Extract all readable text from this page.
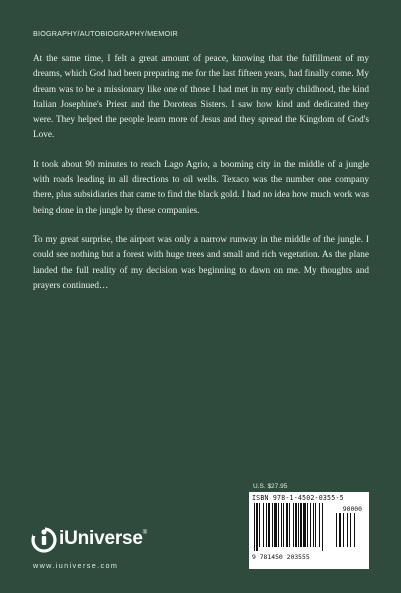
BIOGRAPHY/AUTOBIOGRAPHY/MEMOIR

At the same time, I felt a great amount of peace, knowing that the fulfillment of my dreams, which God had been preparing me for the last fifteen years, had finally come. My dream was to be a missionary like one of those I had met in my early childhood, the kind Italian Josephine's Priest and the Doroteas Sisters. I saw how kind and dedicated they were. They helped the people learn more of Jesus and they spread the Kingdom of God's Love.

It took about 90 minutes to reach Lago Agrio, a booming city in the middle of a jungle with roads leading in all directions to oil wells. Texaco was the number one company there, plus subsidiaries that came to find the black gold. I had no idea how much work was being done in the jungle by these companies.

To my great surprise, the airport was only a narrow runway in the middle of the jungle. I could see nothing but a forest with huge trees and small and rich vegetation. As the plane landed the full reality of my decision was beginning to dawn on me. My thoughts and prayers continued…

U.S. $27.95
ISBN 978-1-4502-0355-5
90000
9 781450 203555
iUniverse®
www.iuniverse.com
